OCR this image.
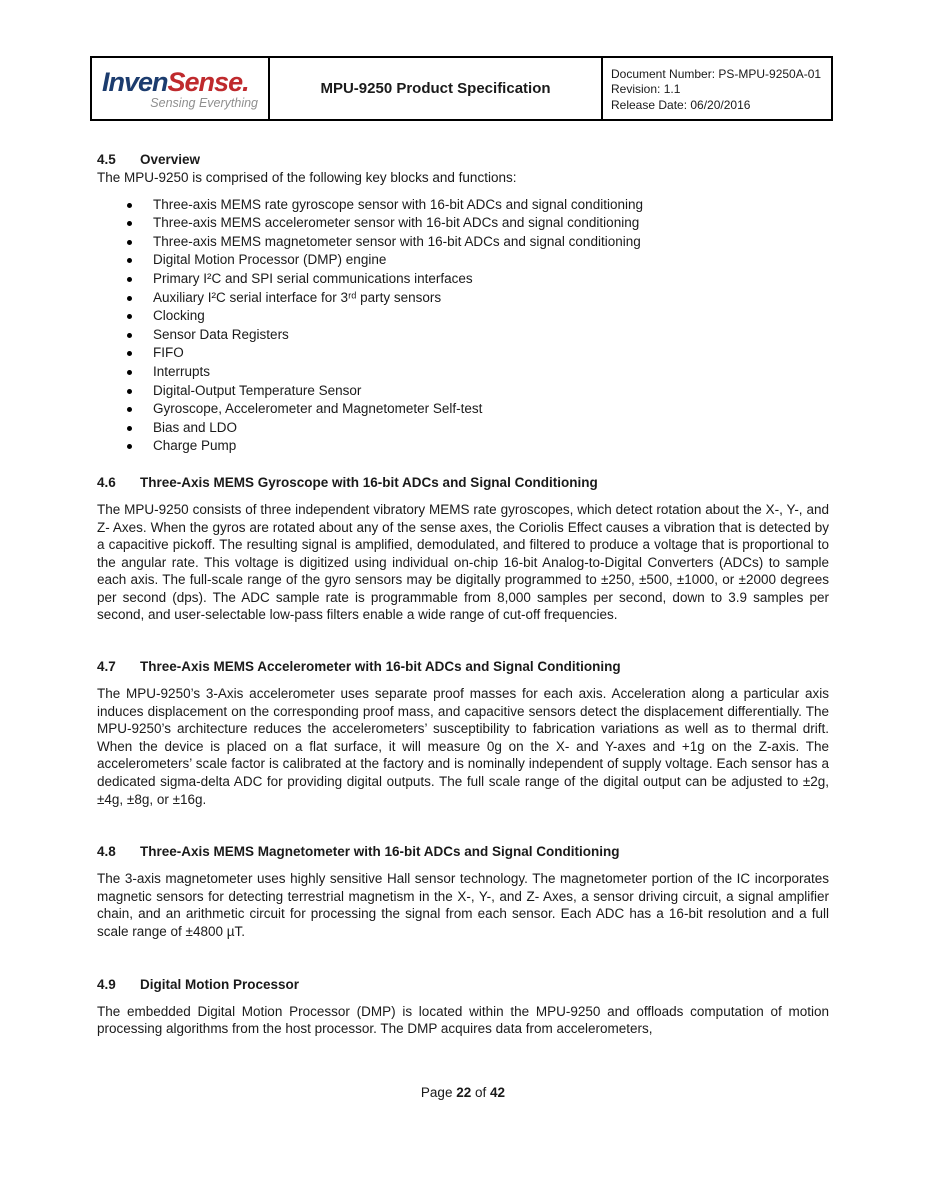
InvenSense.
Sensing Everything
MPU-9250 Product Specification
Document Number: PS-MPU-9250A-01
Revision: 1.1
Release Date: 06/20/2016
4.5	Overview

The MPU-9250 is comprised of the following key blocks and functions:

Three-axis MEMS rate gyroscope sensor with 16-bit ADCs and signal conditioning
Three-axis MEMS accelerometer sensor with 16-bit ADCs and signal conditioning
Three-axis MEMS magnetometer sensor with 16-bit ADCs and signal conditioning
Digital Motion Processor (DMP) engine
Primary I²C and SPI serial communications interfaces
Auxiliary I²C serial interface for 3ʳᵈ party sensors
Clocking
Sensor Data Registers
FIFO
Interrupts
Digital-Output Temperature Sensor
Gyroscope, Accelerometer and Magnetometer Self-test
Bias and LDO
Charge Pump
4.6	Three-Axis MEMS Gyroscope with 16-bit ADCs and Signal Conditioning

The MPU-9250 consists of three independent vibratory MEMS rate gyroscopes, which detect rotation about the X-, Y-, and Z- Axes. When the gyros are rotated about any of the sense axes, the Coriolis Effect causes a vibration that is detected by a capacitive pickoff. The resulting signal is amplified, demodulated, and filtered to produce a voltage that is proportional to the angular rate. This voltage is digitized using individual on-chip 16-bit Analog-to-Digital Converters (ADCs) to sample each axis. The full-scale range of the gyro sensors may be digitally programmed to ±250, ±500, ±1000, or ±2000 degrees per second (dps). The ADC sample rate is programmable from 8,000 samples per second, down to 3.9 samples per second, and user-selectable low-pass filters enable a wide range of cut-off frequencies.

4.7	Three-Axis MEMS Accelerometer with 16-bit ADCs and Signal Conditioning

The MPU-9250’s 3-Axis accelerometer uses separate proof masses for each axis. Acceleration along a particular axis induces displacement on the corresponding proof mass, and capacitive sensors detect the displacement differentially. The MPU-9250’s architecture reduces the accelerometers’ susceptibility to fabrication variations as well as to thermal drift. When the device is placed on a flat surface, it will measure 0g on the X- and Y-axes and +1g on the Z-axis. The accelerometers’ scale factor is calibrated at the factory and is nominally independent of supply voltage. Each sensor has a dedicated sigma-delta ADC for providing digital outputs. The full scale range of the digital output can be adjusted to ±2g, ±4g, ±8g, or ±16g.

4.8	Three-Axis MEMS Magnetometer with 16-bit ADCs and Signal Conditioning

The 3-axis magnetometer uses highly sensitive Hall sensor technology. The magnetometer portion of the IC incorporates magnetic sensors for detecting terrestrial magnetism in the X-, Y-, and Z- Axes, a sensor driving circuit, a signal amplifier chain, and an arithmetic circuit for processing the signal from each sensor. Each ADC has a 16-bit resolution and a full scale range of ±4800 µT.

4.9	Digital Motion Processor

The embedded Digital Motion Processor (DMP) is located within the MPU-9250 and offloads computation of motion processing algorithms from the host processor. The DMP acquires data from accelerometers,

Page 22 of 42
